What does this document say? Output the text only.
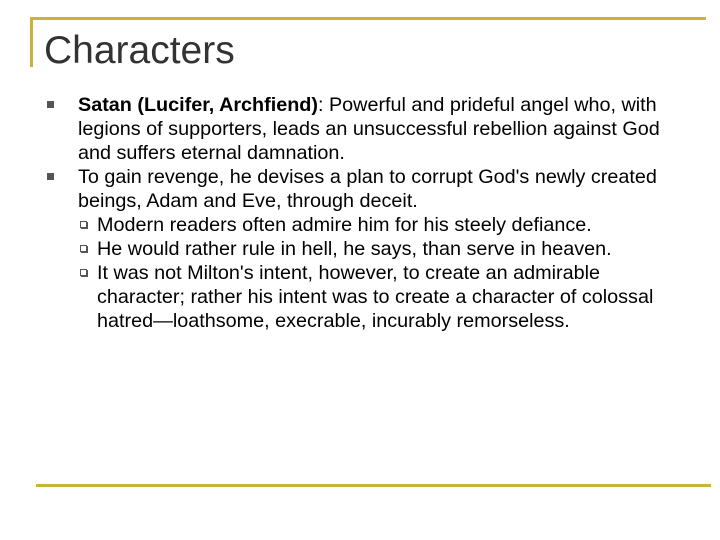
Characters
Satan (Lucifer, Archfiend): Powerful and prideful angel who, with legions of supporters, leads an unsuccessful rebellion against God and suffers eternal damnation.
To gain revenge, he devises a plan to corrupt God's newly created beings, Adam and Eve, through deceit.
Modern readers often admire him for his steely defiance.
He would rather rule in hell, he says, than serve in heaven.
It was not Milton's intent, however, to create an admirable character; rather his intent was to create a character of colossal hatred—loathsome, execrable, incurably remorseless.
